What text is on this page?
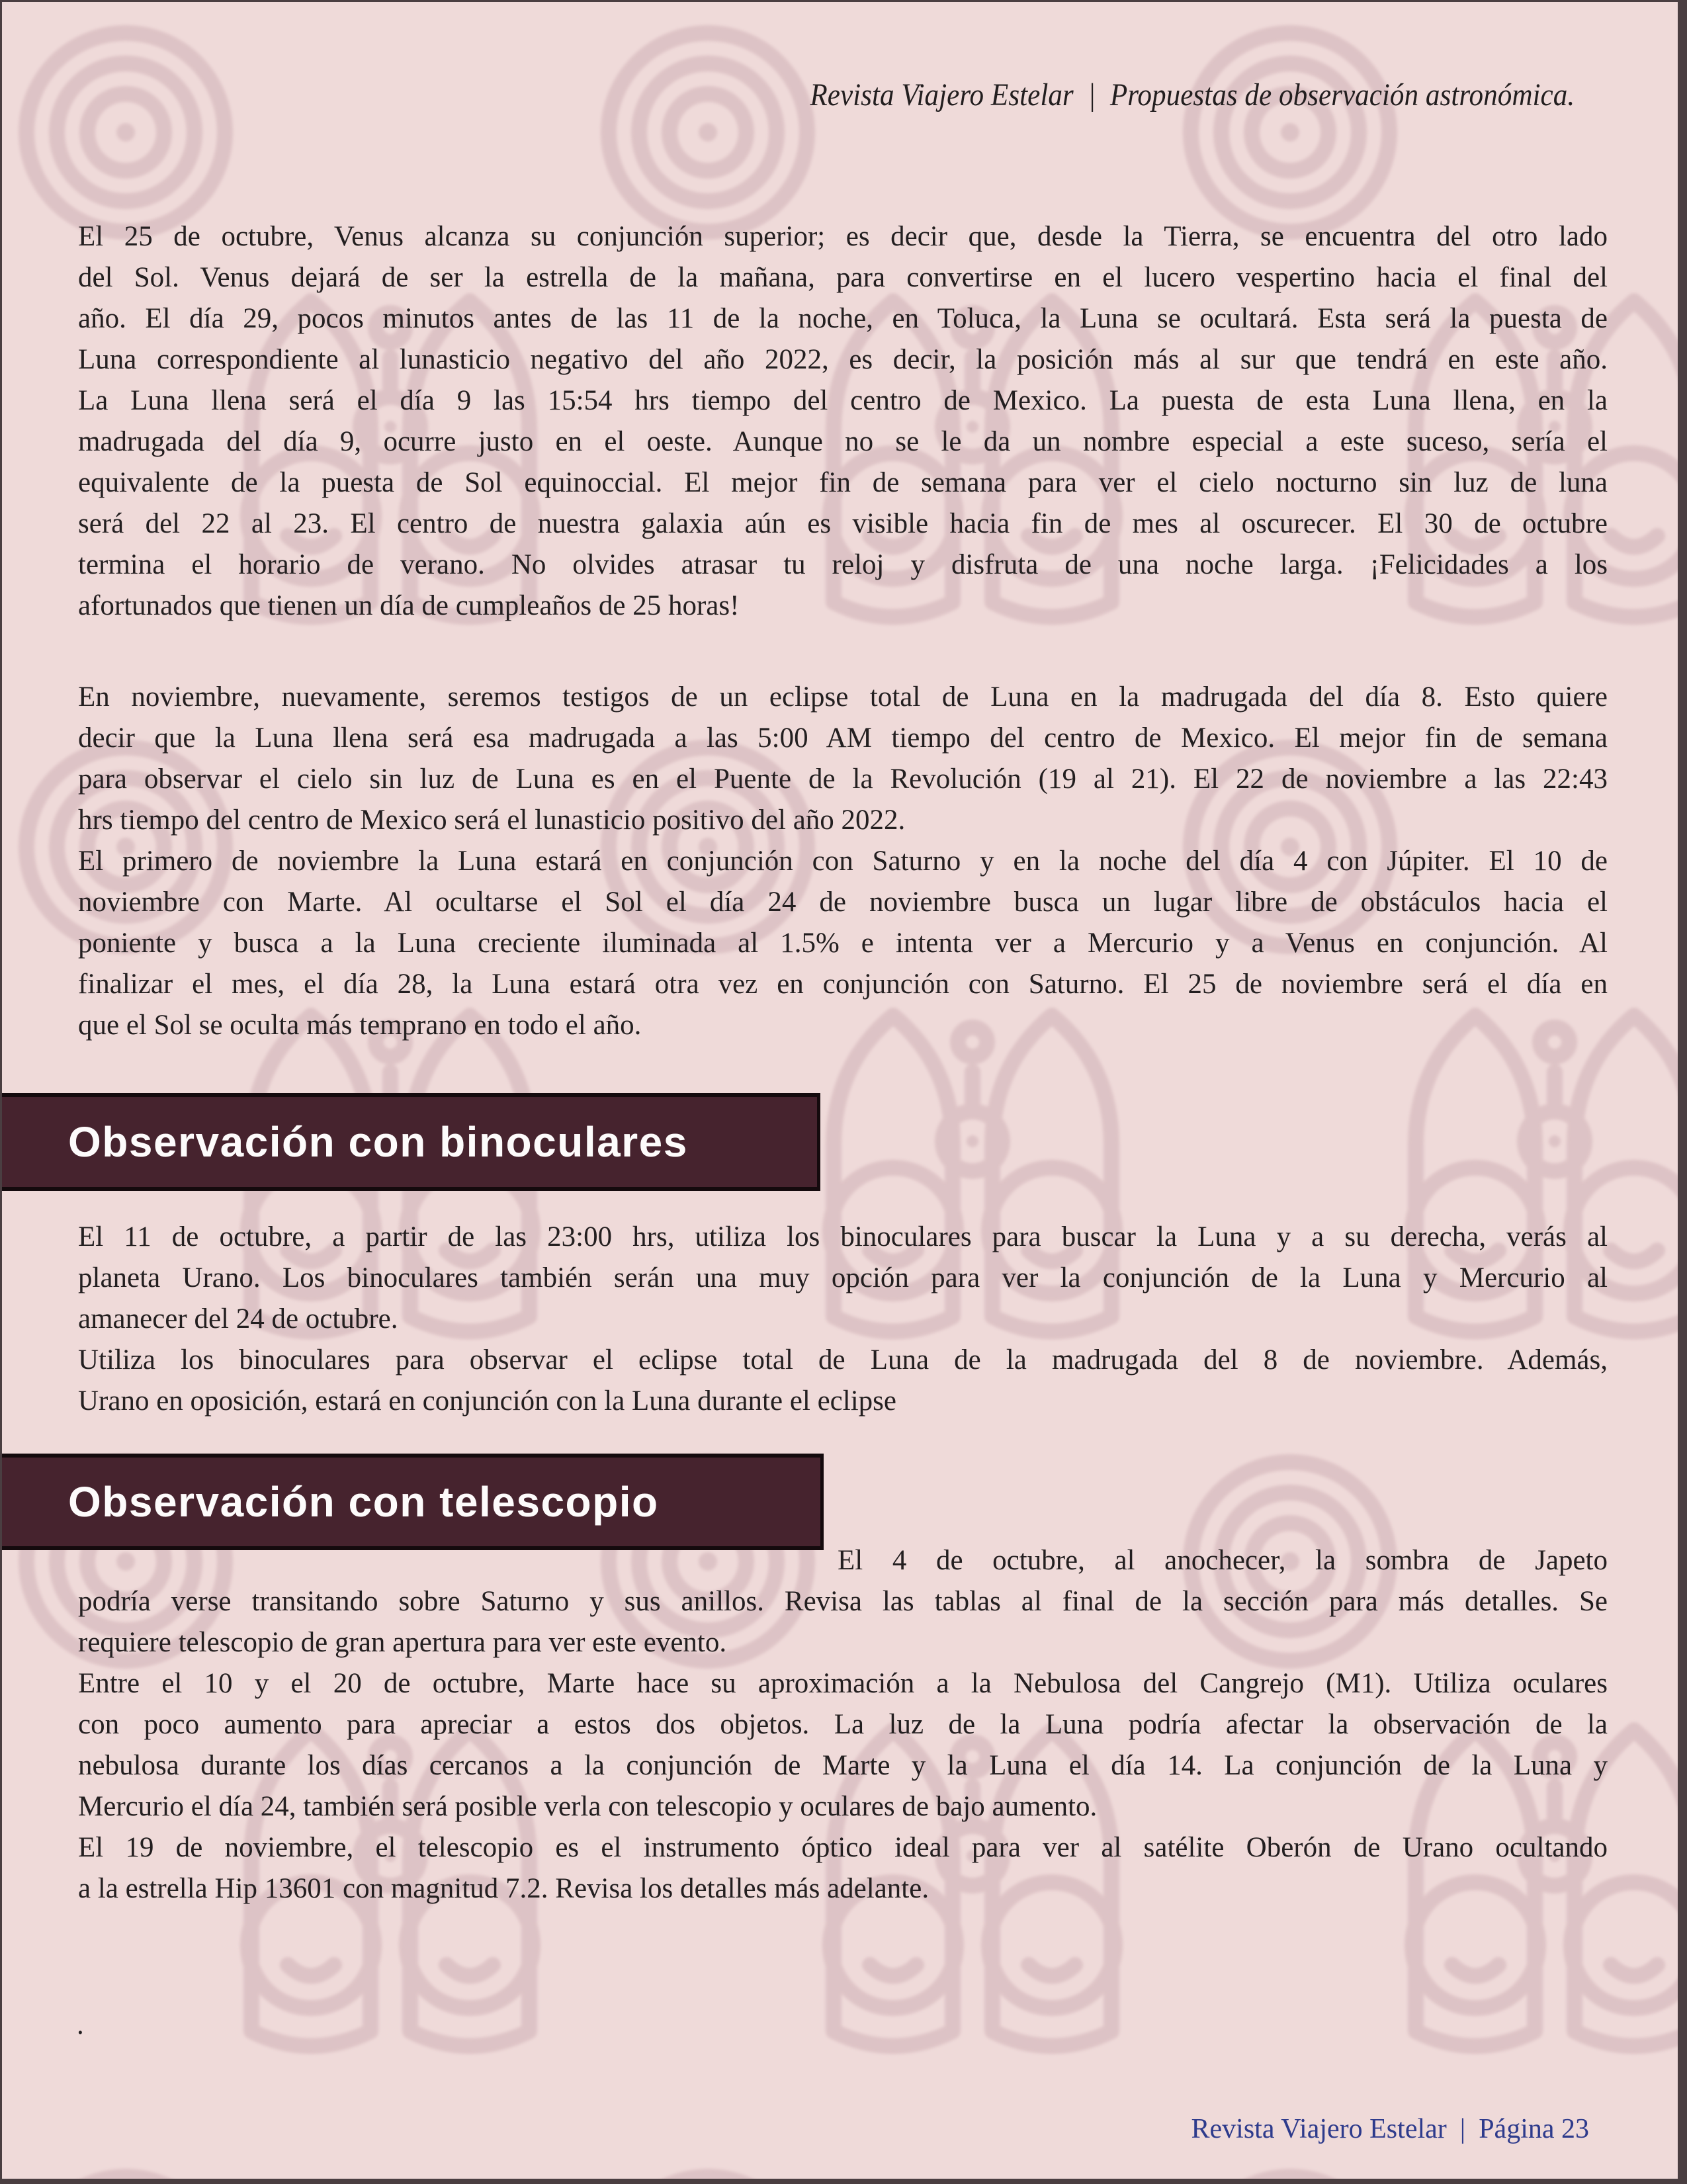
Revista Viajero Estelar | Propuestas de observación astronómica.
El 25 de octubre, Venus alcanza su conjunción superior; es decir que, desde la Tierra, se encuentra del otro lado
del Sol. Venus dejará de ser la estrella de la mañana, para convertirse en el lucero vespertino hacia el final del
año. El día 29, pocos minutos antes de las 11 de la noche, en Toluca, la Luna se ocultará. Esta será la puesta de
Luna correspondiente al lunasticio negativo del año 2022, es decir, la posición más al sur que tendrá en este año.
La Luna llena será el día 9 las 15:54 hrs tiempo del centro de Mexico. La puesta de esta Luna llena, en la
madrugada del día 9, ocurre justo en el oeste. Aunque no se le da un nombre especial a este suceso, sería el
equivalente de la puesta de Sol equinoccial. El mejor fin de semana para ver el cielo nocturno sin luz de luna
será del 22 al 23. El centro de nuestra galaxia aún es visible hacia fin de mes al oscurecer. El 30 de octubre
termina el horario de verano. No olvides atrasar tu reloj y disfruta de una noche larga. ¡Felicidades a los
afortunados que tienen un día de cumpleaños de 25 horas!
En noviembre, nuevamente, seremos testigos de un eclipse total de Luna en la madrugada del día 8. Esto quiere
decir que la Luna llena será esa madrugada a las 5:00 AM tiempo del centro de Mexico. El mejor fin de semana
para observar el cielo sin luz de Luna es en el Puente de la Revolución (19 al 21). El 22 de noviembre a las 22:43
hrs tiempo del centro de Mexico será el lunasticio positivo del año 2022.
El primero de noviembre la Luna estará en conjunción con Saturno y en la noche del día 4 con Júpiter. El 10 de
noviembre con Marte. Al ocultarse el Sol el día 24 de noviembre busca un lugar libre de obstáculos hacia el
poniente y busca a la Luna creciente iluminada al 1.5% e intenta ver a Mercurio y a Venus en conjunción. Al
finalizar el mes, el día 28, la Luna estará otra vez en conjunción con Saturno. El 25 de noviembre será el día en
que el Sol se oculta más temprano en todo el año.
Observación con binoculares
El 11 de octubre, a partir de las 23:00 hrs, utiliza los binoculares para buscar la Luna y a su derecha, verás al
planeta Urano. Los binoculares también serán una muy opción para ver la conjunción de la Luna y Mercurio al
amanecer del 24 de octubre.
Utiliza los binoculares para observar el eclipse total de Luna de la madrugada del 8 de noviembre. Además,
Urano en oposición, estará en conjunción con la Luna durante el eclipse
Observación con telescopio
El 4 de octubre, al anochecer, la sombra de Japeto
podría verse transitando sobre Saturno y sus anillos. Revisa las tablas al final de la sección para más detalles. Se
requiere telescopio de gran apertura para ver este evento.
Entre el 10 y el 20 de octubre, Marte hace su aproximación a la Nebulosa del Cangrejo (M1). Utiliza oculares
con poco aumento para apreciar a estos dos objetos. La luz de la Luna podría afectar la observación de la
nebulosa durante los días cercanos a la conjunción de Marte y la Luna el día 14. La conjunción de la Luna y
Mercurio el día 24, también será posible verla con telescopio y oculares de bajo aumento.
El 19 de noviembre, el telescopio es el instrumento óptico ideal para ver al satélite Oberón de Urano ocultando
a la estrella Hip 13601 con magnitud 7.2. Revisa los detalles más adelante.
.
Revista Viajero Estelar | Página 23
